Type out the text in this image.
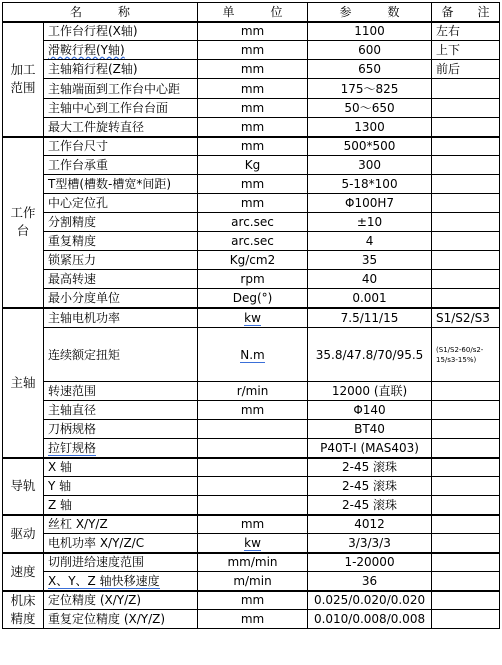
名　　　称		单　　　位	参　　　数	备　　注
加工范围	工作台行程(X轴)	mm	1100	左右
	滑鞍行程(Y轴)	mm	600	上下
	主轴箱行程(Z轴)	mm	650	前后
	主轴端面到工作台中心距	mm	175～825	
	主轴中心到工作台台面	mm	50～650	
	最大工件旋转直径	mm	1300	
工作台	工作台尺寸	mm	500*500	
	工作台承重	Kg	300	
	T型槽(槽数-槽宽*间距)	mm	5-18*100	
	中心定位孔	mm	Φ100H7	
	分割精度	arc.sec	±10	
	重复精度	arc.sec	4	
	锁紧压力	Kg/cm2	35	
	最高转速	rpm	40	
	最小分度单位	Deg(°)	0.001	
主轴	主轴电机功率	kw	7.5/11/15	S1/S2/S3
	连续额定扭矩	N.m	35.8/47.8/70/95.5	(S1/S2-60/s2-15/s3-15%)
	转速范围	r/min	12000 (直联)	
	主轴直径	mm	Φ140	
	刀柄规格		BT40	
	拉钉规格		P40T-I (MAS403)	
导轨	X 轴		2-45 滚珠	
	Y 轴		2-45 滚珠	
	Z 轴		2-45 滚珠	
驱动	丝杠 X/Y/Z	mm	4012	
	电机功率 X/Y/Z/C	kw	3/3/3/3	
速度	切削进给速度范围	mm/min	1-20000	
	X、Y、Z 轴快移速度	m/min	36	
机床精度	定位精度 (X/Y/Z)	mm	0.025/0.020/0.020	
	重复定位精度 (X/Y/Z)	mm	0.010/0.008/0.008	
